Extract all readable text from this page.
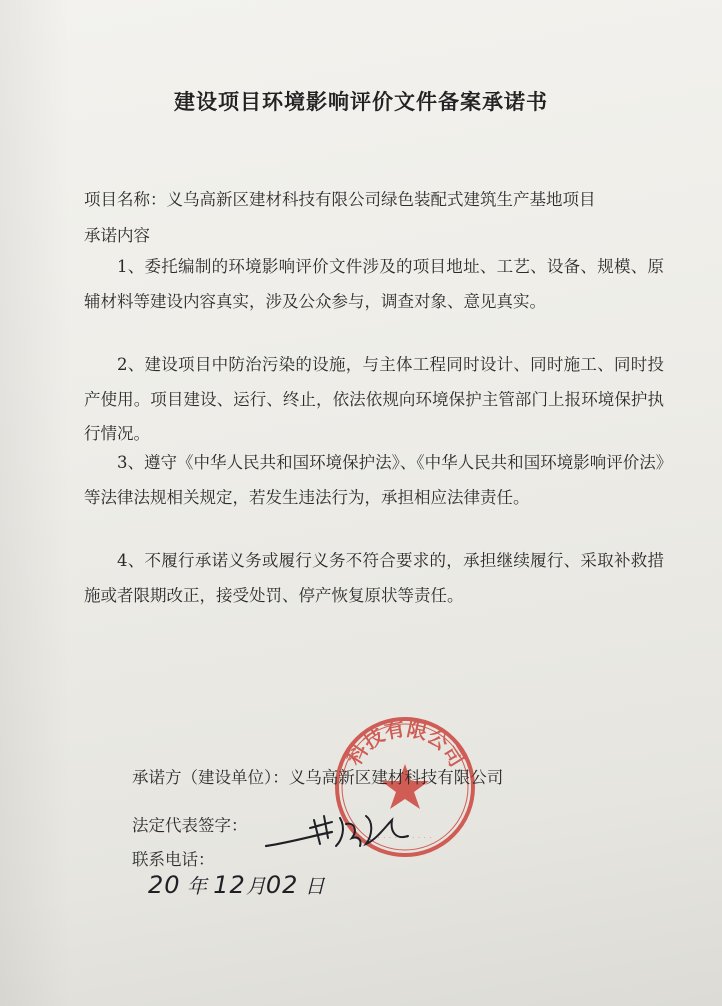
建设项目环境影响评价文件备案承诺书
项目名称：义乌高新区建材科技有限公司绿色装配式建筑生产基地项目
承诺内容
1、委托编制的环境影响评价文件涉及的项目地址、工艺、设备、规模、原辅材料等建设内容真实，涉及公众参与，调查对象、意见真实。
2、建设项目中防治污染的设施，与主体工程同时设计、同时施工、同时投产使用。项目建设、运行、终止，依法依规向环境保护主管部门上报环境保护执行情况。
3、遵守《中华人民共和国环境保护法》、《中华人民共和国环境影响评价法》等法律法规相关规定，若发生违法行为，承担相应法律责任。
4、不履行承诺义务或履行义务不符合要求的，承担继续履行、采取补救措施或者限期改正，接受处罚、停产恢复原状等责任。
科技有限公司
· · · · · · · · · ·
承诺方（建设单位）：义乌高新区建材科技有限公司
法定代表签字：
联系电话：
20 年 12月02 日
